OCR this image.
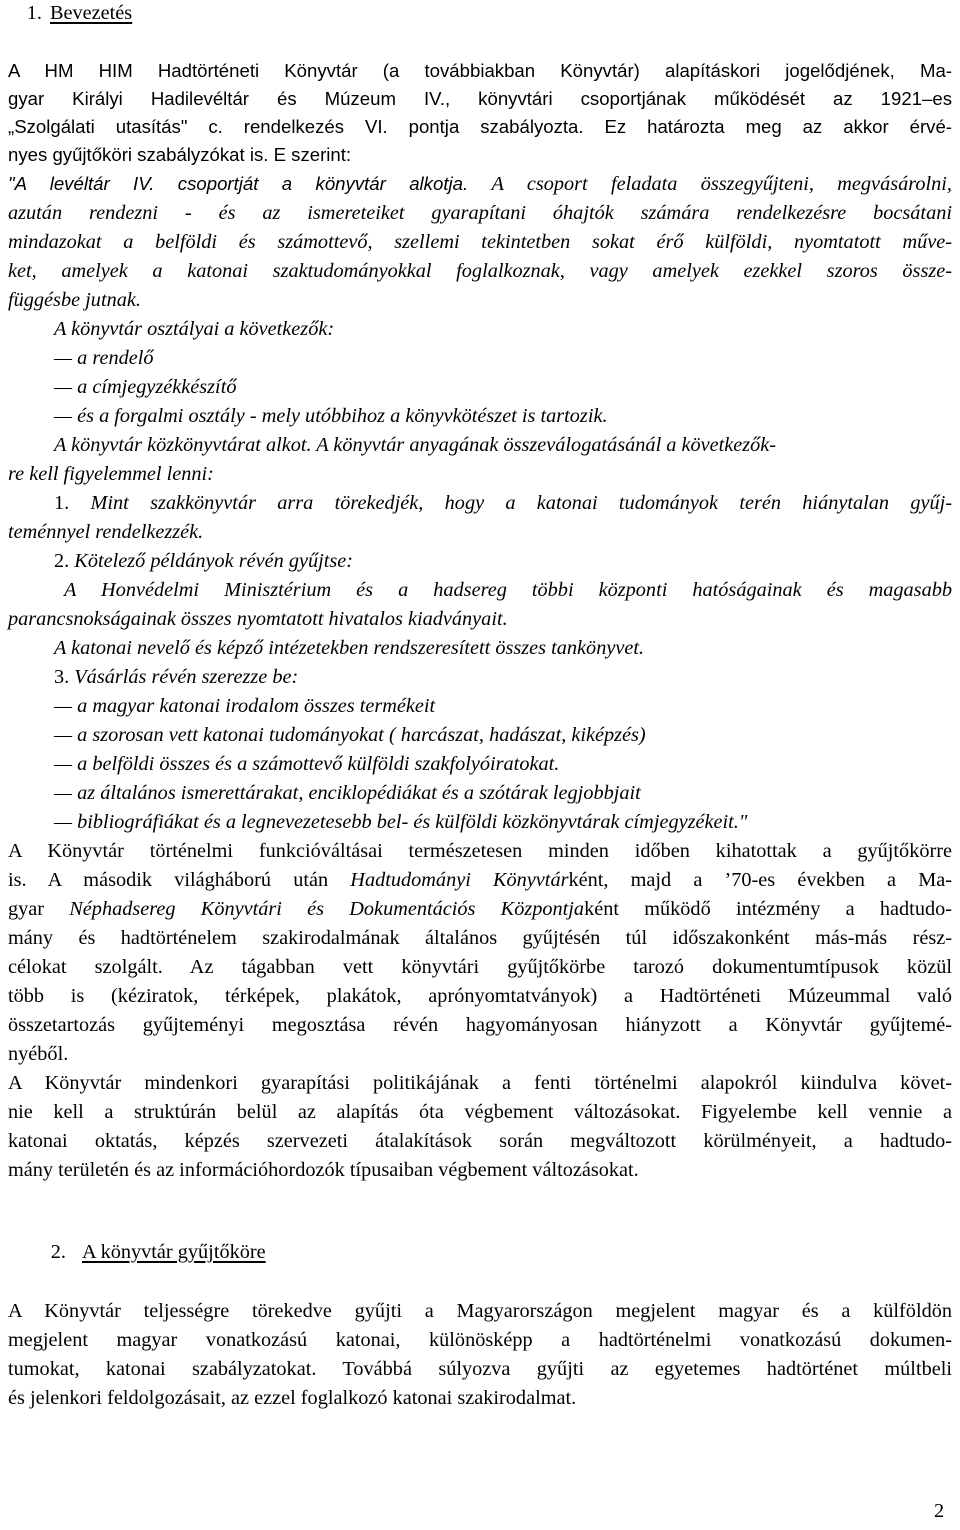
1. Bevezetés
A HM HIM Hadtörténeti Könyvtár (a továbbiakban Könyvtár) alapításkori jogelődjének, Ma-
gyar Királyi Hadilevéltár és Múzeum IV., könyvtári csoportjának működését az 1921–es
„Szolgálati utasítás" c. rendelkezés VI. pontja szabályozta. Ez határozta meg az akkor érvé-
nyes gyűjtőköri szabályzókat is. E szerint:
"A levéltár IV. csoportját a könyvtár alkotja. A csoport feladata összegyűjteni, megvásárolni,
azután rendezni - és az ismereteiket gyarapítani óhajtók számára rendelkezésre bocsátani
mindazokat a belföldi és számottevő, szellemi tekintetben sokat érő külföldi, nyomtatott műve-
ket, amelyek a katonai szaktudományokkal foglalkoznak, vagy amelyek ezekkel szoros össze-
függésbe jutnak.
A könyvtár osztályai a következők:
— a rendelő
— a címjegyzékkészítő
— és a forgalmi osztály - mely utóbbihoz a könyvkötészet is tartozik.
A könyvtár közkönyvtárat alkot. A könyvtár anyagának összeválogatásánál a következők-
re kell figyelemmel lenni:
1. Mint szakkönyvtár arra törekedjék, hogy a katonai tudományok terén hiánytalan gyűj-
teménnyel rendelkezzék.
2. Kötelező példányok révén gyűjtse:
A Honvédelmi Minisztérium és a hadsereg többi központi hatóságainak és magasabb
parancsnokságainak összes nyomtatott hivatalos kiadványait.
A katonai nevelő és képző intézetekben rendszeresített összes tankönyvet.
3. Vásárlás révén szerezze be:
— a magyar katonai irodalom összes termékeit
— a szorosan vett katonai tudományokat ( harcászat, hadászat, kiképzés)
— a belföldi összes és a számottevő külföldi szakfolyóiratokat.
— az általános ismerettárakat, enciklopédiákat és a szótárak legjobbjait
— bibliográfiákat és a legnevezetesebb bel- és külföldi közkönyvtárak címjegyzékeit."
A Könyvtár történelmi funkcióváltásai természetesen minden időben kihatottak a gyűjtőkörre
is. A második világháború után Hadtudományi Könyvtárként, majd a ’70-es években a Ma-
gyar Néphadsereg Könyvtári és Dokumentációs Központjaként működő intézmény a hadtudo-
mány és hadtörténelem szakirodalmának általános gyűjtésén túl időszakonként más-más rész-
célokat szolgált. Az tágabban vett könyvtári gyűjtőkörbe tarozó dokumentumtípusok közül
több is (kéziratok, térképek, plakátok, aprónyomtatványok) a Hadtörténeti Múzeummal való
összetartozás gyűjteményi megosztása révén hagyományosan hiányzott a Könyvtár gyűjtemé-
nyéből.
A Könyvtár mindenkori gyarapítási politikájának a fenti történelmi alapokról kiindulva követ-
nie kell a struktúrán belül az alapítás óta végbement változásokat. Figyelembe kell vennie a
katonai oktatás, képzés szervezeti átalakítások során megváltozott körülményeit, a hadtudo-
mány területén és az információhordozók típusaiban végbement változásokat.
2. A könyvtár gyűjtőköre
A Könyvtár teljességre törekedve gyűjti a Magyarországon megjelent magyar és a külföldön
megjelent magyar vonatkozású katonai, különösképp a hadtörténelmi vonatkozású dokumen-
tumokat, katonai szabályzatokat. Továbbá súlyozva gyűjti az egyetemes hadtörténet múltbeli
és jelenkori feldolgozásait, az ezzel foglalkozó katonai szakirodalmat.
2
